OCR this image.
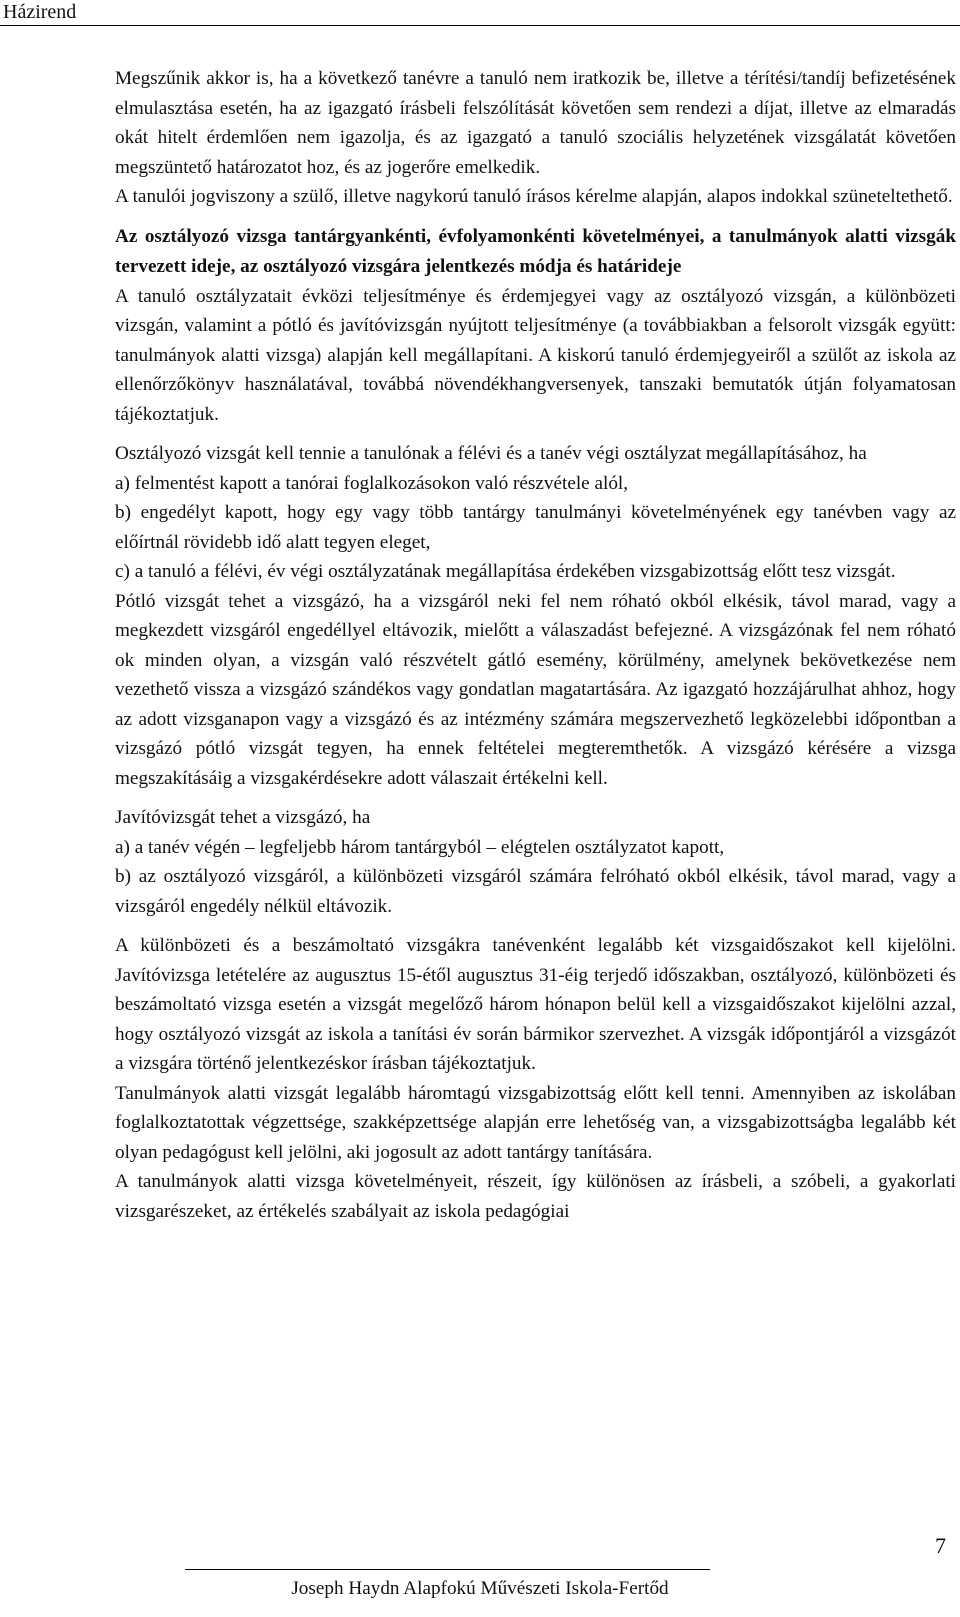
Házirend

Megszűnik akkor is, ha a következő tanévre a tanuló nem iratkozik be, illetve a térítési/tandíj befizetésének elmulasztása esetén, ha az igazgató írásbeli felszólítását követően sem rendezi a díjat, illetve az elmaradás okát hitelt érdemlően nem igazolja, és az igazgató a tanuló szociális helyzetének vizsgálatát követően megszüntető határozatot hoz, és az jogerőre emelkedik.

A tanulói jogviszony a szülő, illetve nagykorú tanuló írásos kérelme alapján, alapos indokkal szüneteltethető.

Az osztályozó vizsga tantárgyankénti, évfolyamonkénti követelményei, a tanulmányok alatti vizsgák tervezett ideje, az osztályozó vizsgára jelentkezés módja és határideje

A tanuló osztályzatait évközi teljesítménye és érdemjegyei vagy az osztályozó vizsgán, a különbözeti vizsgán, valamint a pótló és javítóvizsgán nyújtott teljesítménye (a továbbiakban a felsorolt vizsgák együtt: tanulmányok alatti vizsga) alapján kell megállapítani. A kiskorú tanuló érdemjegyeiről a szülőt az iskola az ellenőrzőkönyv használatával, továbbá növendékhangversenyek, tanszaki bemutatók útján folyamatosan tájékoztatjuk.

Osztályozó vizsgát kell tennie a tanulónak a félévi és a tanév végi osztályzat megállapításához, ha

a) felmentést kapott a tanórai foglalkozásokon való részvétele alól,

b) engedélyt kapott, hogy egy vagy több tantárgy tanulmányi követelményének egy tanévben vagy az előírtnál rövidebb idő alatt tegyen eleget,

c) a tanuló a félévi, év végi osztályzatának megállapítása érdekében vizsgabizottság előtt tesz vizsgát.

Pótló vizsgát tehet a vizsgázó, ha a vizsgáról neki fel nem róható okból elkésik, távol marad, vagy a megkezdett vizsgáról engedéllyel eltávozik, mielőtt a válaszadást befejezné. A vizsgázónak fel nem róható ok minden olyan, a vizsgán való részvételt gátló esemény, körülmény, amelynek bekövetkezése nem vezethető vissza a vizsgázó szándékos vagy gondatlan magatartására. Az igazgató hozzájárulhat ahhoz, hogy az adott vizsganapon vagy a vizsgázó és az intézmény számára megszervezhető legközelebbi időpontban a vizsgázó pótló vizsgát tegyen, ha ennek feltételei megteremthetők. A vizsgázó kérésére a vizsga megszakításáig a vizsgakérdésekre adott válaszait értékelni kell.

Javítóvizsgát tehet a vizsgázó, ha

a) a tanév végén – legfeljebb három tantárgyból – elégtelen osztályzatot kapott,

b) az osztályozó vizsgáról, a különbözeti vizsgáról számára felróható okból elkésik, távol marad, vagy a vizsgáról engedély nélkül eltávozik.

A különbözeti és a beszámoltató vizsgákra tanévenként legalább két vizsgaidőszakot kell kijelölni. Javítóvizsga letételére az augusztus 15-étől augusztus 31-éig terjedő időszakban, osztályozó, különbözeti és beszámoltató vizsga esetén a vizsgát megelőző három hónapon belül kell a vizsgaidőszakot kijelölni azzal, hogy osztályozó vizsgát az iskola a tanítási év során bármikor szervezhet. A vizsgák időpontjáról a vizsgázót a vizsgára történő jelentkezéskor írásban tájékoztatjuk.

Tanulmányok alatti vizsgát legalább háromtagú vizsgabizottság előtt kell tenni. Amennyiben az iskolában foglalkoztatottak végzettsége, szakképzettsége alapján erre lehetőség van, a vizsgabizottságba legalább két olyan pedagógust kell jelölni, aki jogosult az adott tantárgy tanítására.

A tanulmányok alatti vizsga követelményeit, részeit, így különösen az írásbeli, a szóbeli, a gyakorlati vizsgarészeket, az értékelés szabályait az iskola pedagógiai

7
Joseph Haydn Alapfokú Művészeti Iskola-Fertőd
